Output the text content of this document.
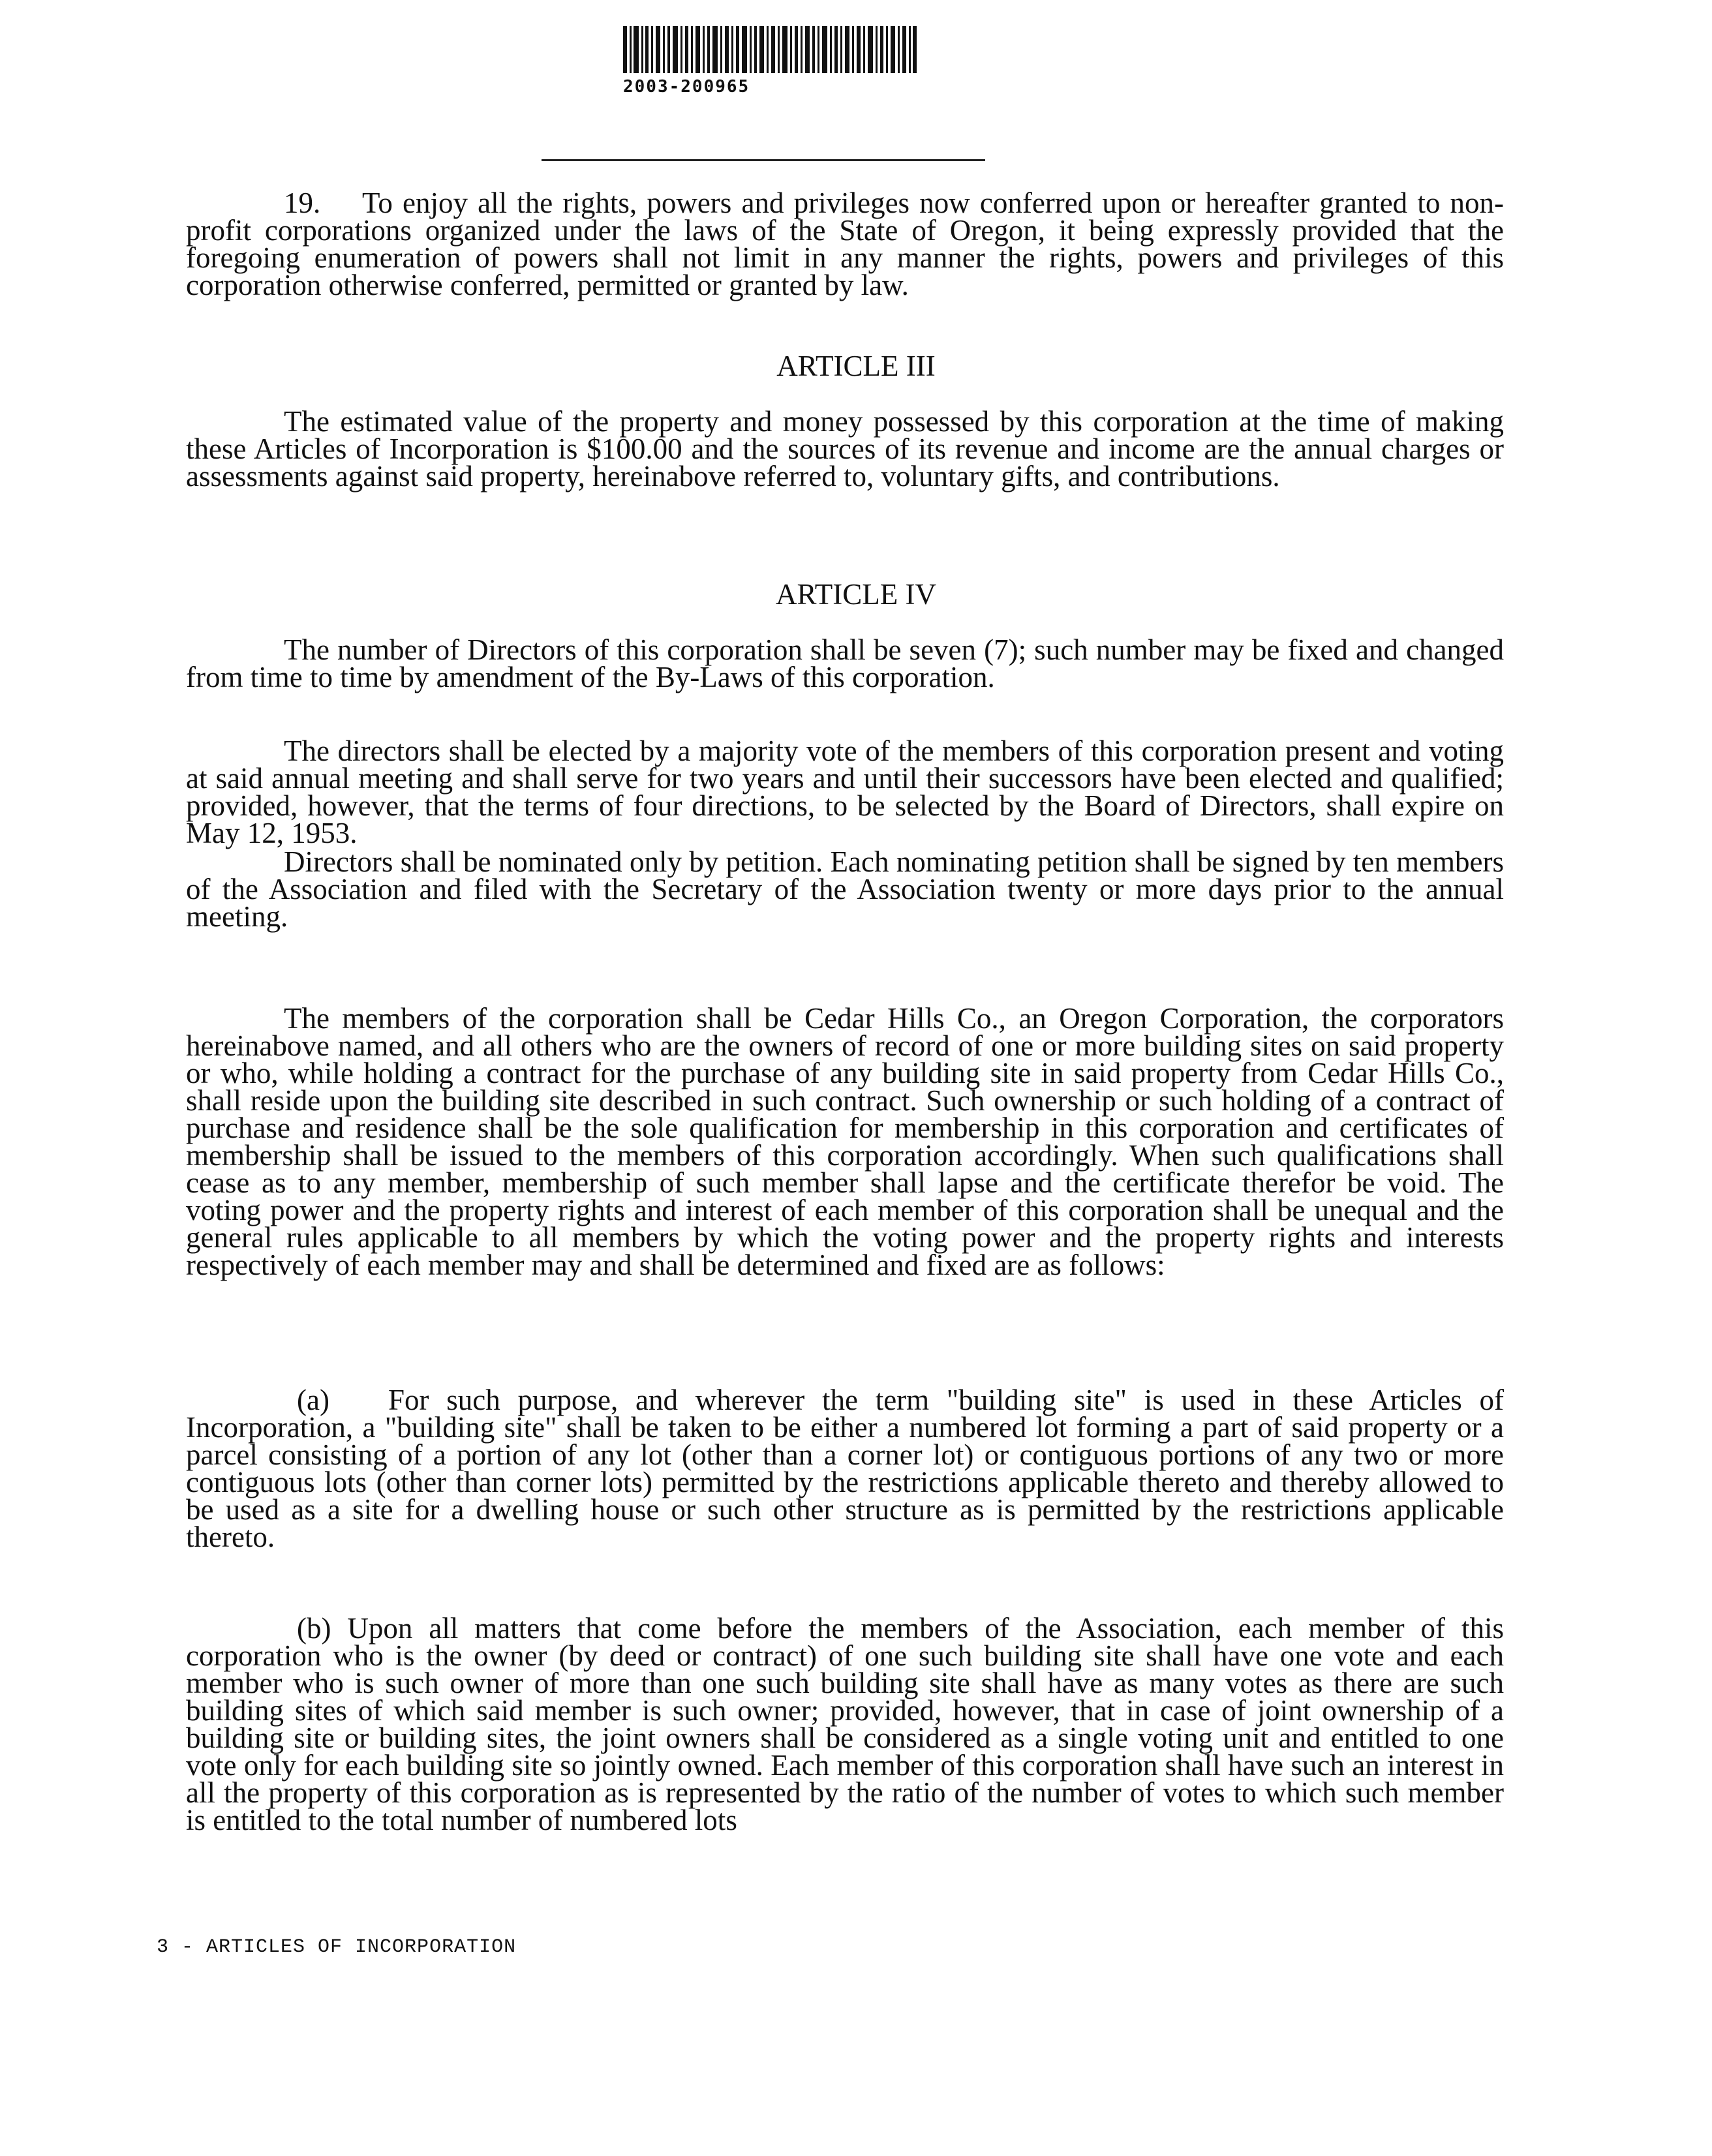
2003-200965

19. To enjoy all the rights, powers and privileges now conferred upon or hereafter granted to non-profit corporations organized under the laws of the State of Oregon, it being expressly provided that the foregoing enumeration of powers shall not limit in any manner the rights, powers and privileges of this corporation otherwise conferred, permitted or granted by law.

ARTICLE III

The estimated value of the property and money possessed by this corporation at the time of making these Articles of Incorporation is $100.00 and the sources of its revenue and income are the annual charges or assessments against said property, hereinabove referred to, voluntary gifts, and contributions.

ARTICLE IV

The number of Directors of this corporation shall be seven (7); such number may be fixed and changed from time to time by amendment of the By-Laws of this corporation.

The directors shall be elected by a majority vote of the members of this corporation present and voting at said annual meeting and shall serve for two years and until their successors have been elected and qualified; provided, however, that the terms of four directions, to be selected by the Board of Directors, shall expire on May 12, 1953.

Directors shall be nominated only by petition. Each nominating petition shall be signed by ten members of the Association and filed with the Secretary of the Association twenty or more days prior to the annual meeting.

The members of the corporation shall be Cedar Hills Co., an Oregon Corporation, the corporators hereinabove named, and all others who are the owners of record of one or more building sites on said property or who, while holding a contract for the purchase of any building site in said property from Cedar Hills Co., shall reside upon the building site described in such contract. Such ownership or such holding of a contract of purchase and residence shall be the sole qualification for membership in this corporation and certificates of membership shall be issued to the members of this corporation accordingly. When such qualifications shall cease as to any member, membership of such member shall lapse and the certificate therefor be void. The voting power and the property rights and interest of each member of this corporation shall be unequal and the general rules applicable to all members by which the voting power and the property rights and interests respectively of each member may and shall be determined and fixed are as follows:

(a) For such purpose, and wherever the term "building site" is used in these Articles of Incorporation, a "building site" shall be taken to be either a numbered lot forming a part of said property or a parcel consisting of a portion of any lot (other than a corner lot) or contiguous portions of any two or more contiguous lots (other than corner lots) permitted by the restrictions applicable thereto and thereby allowed to be used as a site for a dwelling house or such other structure as is permitted by the restrictions applicable thereto.

(b) Upon all matters that come before the members of the Association, each member of this corporation who is the owner (by deed or contract) of one such building site shall have one vote and each member who is such owner of more than one such building site shall have as many votes as there are such building sites of which said member is such owner; provided, however, that in case of joint ownership of a building site or building sites, the joint owners shall be considered as a single voting unit and entitled to one vote only for each building site so jointly owned. Each member of this corporation shall have such an interest in all the property of this corporation as is represented by the ratio of the number of votes to which such member is entitled to the total number of numbered lots

3 - ARTICLES OF INCORPORATION
